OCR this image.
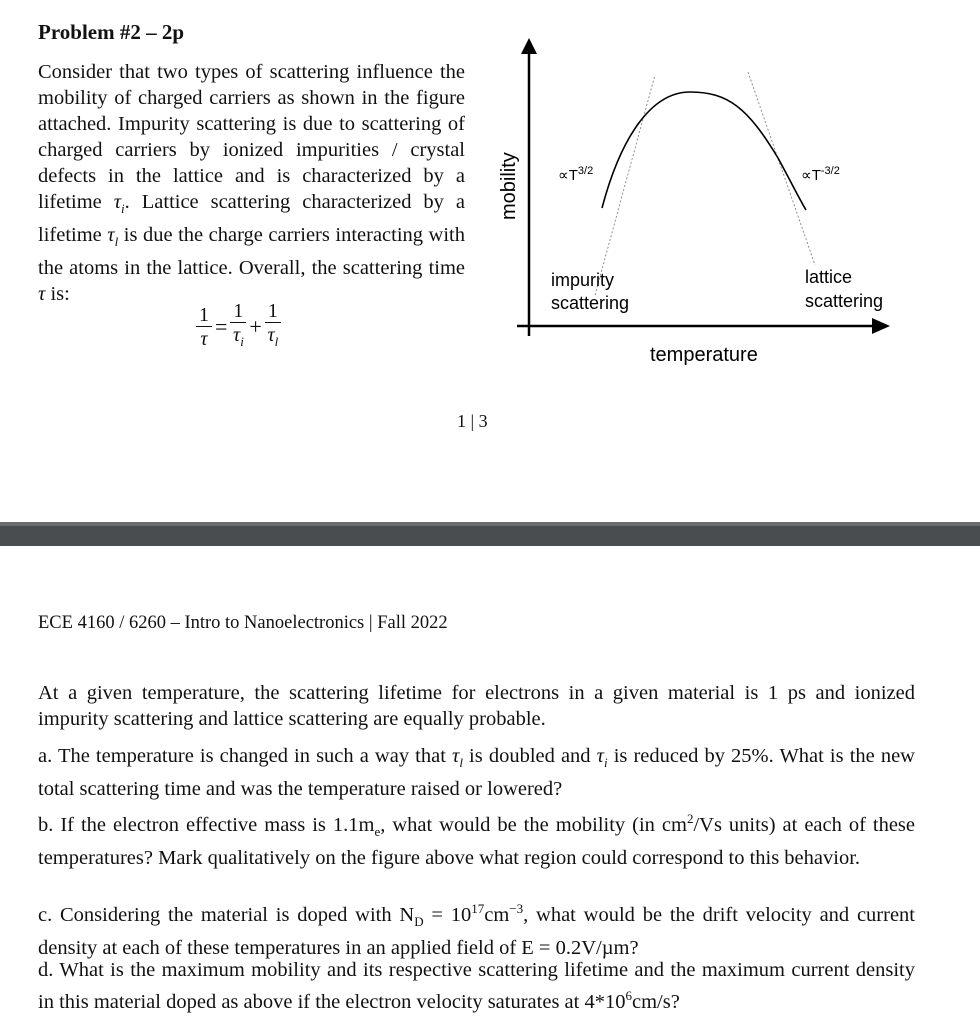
Problem #2 – 2p
Consider that two types of scattering influence the mobility of charged carriers as shown in the figure attached. Impurity scattering is due to scattering of charged carriers by ionized impurities / crystal defects in the lattice and is characterized by a lifetime $\tau_i$. Lattice scattering characterized by a lifetime $\tau_l$ is due the charge carriers interacting with the atoms in the lattice. Overall, the scattering time τ is:
$\frac{1}{\tau} = \frac{1}{\tau_i} + \frac{1}{\tau_l}$
1 | 3
mobility	$\propto T^{3/2}$	$\propto T^{-3/2}$
impurity
scattering
lattice
scattering
temperature
ECE 4160 / 6260 – Intro to Nanoelectronics | Fall 2022
At a given temperature, the scattering lifetime for electrons in a given material is 1 ps and ionized impurity scattering and lattice scattering are equally probable.
a. The temperature is changed in such a way that $\tau_l$ is doubled and $\tau_i$ is reduced by 25%. What is the new total scattering time and was the temperature raised or lowered?
b. If the electron effective mass is $1.1m_e$, what would be the mobility (in $cm^2/Vs$ units) at each of these temperatures? Mark qualitatively on the figure above what region could correspond to this behavior.
c. Considering the material is doped with $N_D = 10^{17}cm^{-3}$, what would be the drift velocity and current density at each of these temperatures in an applied field of E = 0.2V/µm?
d. What is the maximum mobility and its respective scattering lifetime and the maximum current density in this material doped as above if the electron velocity saturates at $4*10^6cm/s$?
